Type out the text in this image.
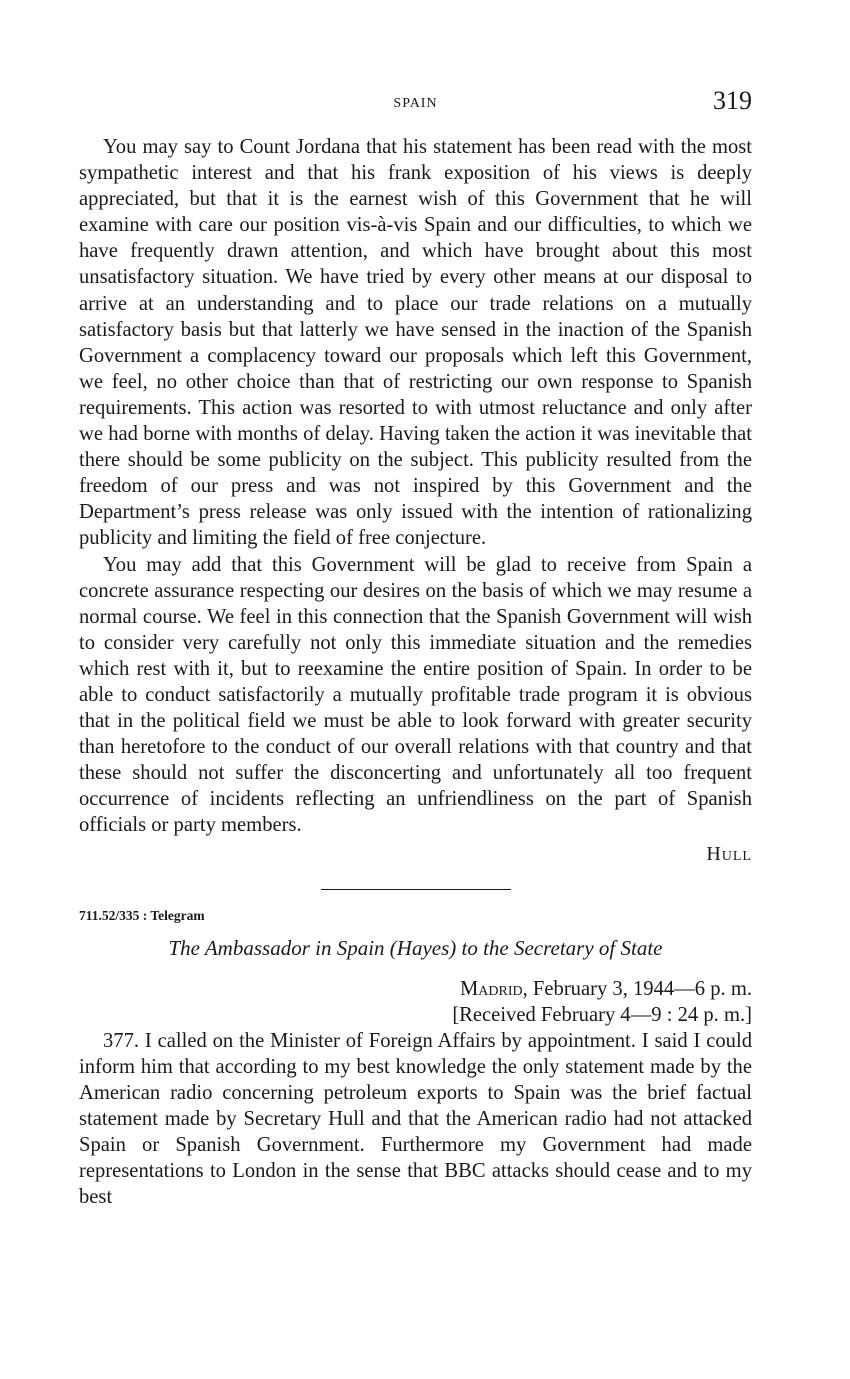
SPAIN	319

You may say to Count Jordana that his statement has been read with the most sympathetic interest and that his frank exposition of his views is deeply appreciated, but that it is the earnest wish of this Government that he will examine with care our position vis-à-vis Spain and our difficulties, to which we have frequently drawn attention, and which have brought about this most unsatisfactory situation. We have tried by every other means at our disposal to arrive at an understanding and to place our trade relations on a mutually satisfactory basis but that latterly we have sensed in the inaction of the Spanish Government a complacency toward our proposals which left this Government, we feel, no other choice than that of restricting our own response to Spanish requirements. This action was resorted to with utmost reluctance and only after we had borne with months of delay. Having taken the action it was inevitable that there should be some publicity on the subject. This publicity resulted from the freedom of our press and was not inspired by this Government and the Department’s press release was only issued with the intention of rationalizing publicity and limiting the field of free conjecture.

You may add that this Government will be glad to receive from Spain a concrete assurance respecting our desires on the basis of which we may resume a normal course. We feel in this connection that the Spanish Government will wish to consider very carefully not only this immediate situation and the remedies which rest with it, but to reexamine the entire position of Spain. In order to be able to conduct satisfactorily a mutually profitable trade program it is obvious that in the political field we must be able to look forward with greater security than heretofore to the conduct of our overall relations with that country and that these should not suffer the disconcerting and unfortunately all too frequent occurrence of incidents reflecting an unfriendliness on the part of Spanish officials or party members.

Hull
711.52/335 : Telegram
The Ambassador in Spain (Hayes) to the Secretary of State
Madrid, February 3, 1944—6 p. m.
[Received February 4—9 : 24 p. m.]

377. I called on the Minister of Foreign Affairs by appointment. I said I could inform him that according to my best knowledge the only statement made by the American radio concerning petroleum exports to Spain was the brief factual statement made by Secretary Hull and that the American radio had not attacked Spain or Spanish Government. Furthermore my Government had made representations to London in the sense that BBC attacks should cease and to my best
